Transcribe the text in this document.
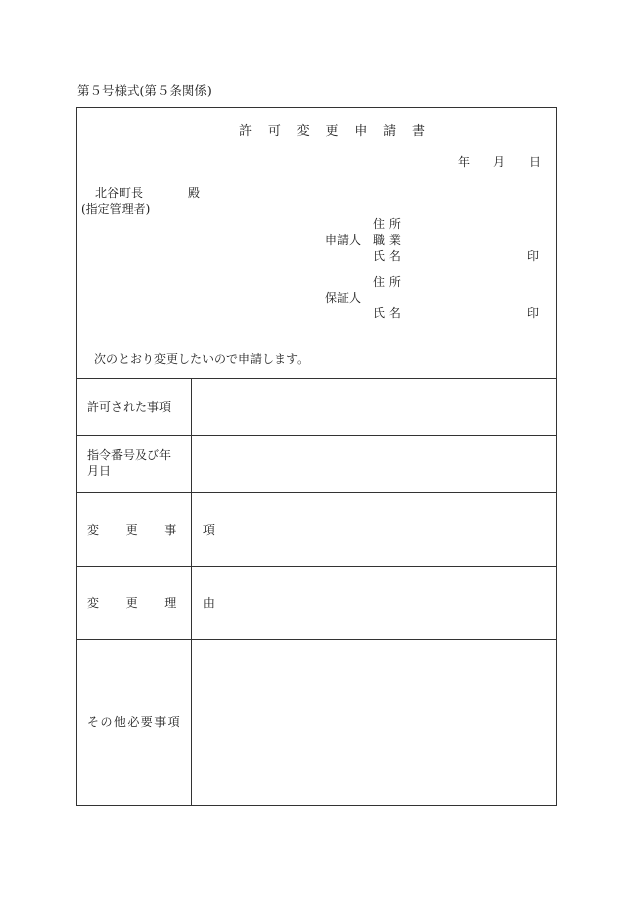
第５号様式(第５条関係)
許 可 変 更 申 請 書
年 月 日
北谷町長	殿
(指定管理者)
住 所
申請人 職 業
氏 名	印
住 所
保証人
氏 名	印
次のとおり変更したいので申請します。
許可された事項
指令番号及び年
月日
変 更 事 項
変 更 理 由
その他必要事項
